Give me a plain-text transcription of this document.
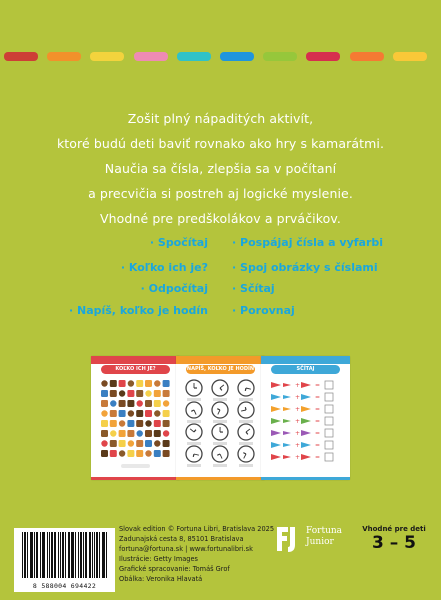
Zošit plný nápaditých aktivít,
ktoré budú deti baviť rovnako ako hry s kamarátmi.
Naučia sa čísla, zlepšia sa v počítaní
a precvičia si postreh aj logické myslenie.
Vhodné pre predškolákov a prváčikov.
· Spočítaj
· Koľko ich je?
· Odpočítaj
· Napíš, koľko je hodín
· Pospájaj čísla a vyfarbi
· Spoj obrázky s číslami
· Sčítaj
· Porovnaj
KOĽKO ICH JE?	NAPÍŠ, KOĽKO JE HODÍN	SČÍTAJ
+ =
+ =
+ =
+ =
+ =
+ =
+ =
8 588004 694422
Slovak edition © Fortuna Libri, Bratislava 2025
Zadunajská cesta 8, 85101 Bratislava
fortuna@fortuna.sk | www.fortunalibri.sk
Ilustrácie: Getty Images
Grafické spracovanie: Tomáš Grof
Obálka: Veronika Hlavatá
Fortuna
Junior
Vhodné pre deti
3 – 5
